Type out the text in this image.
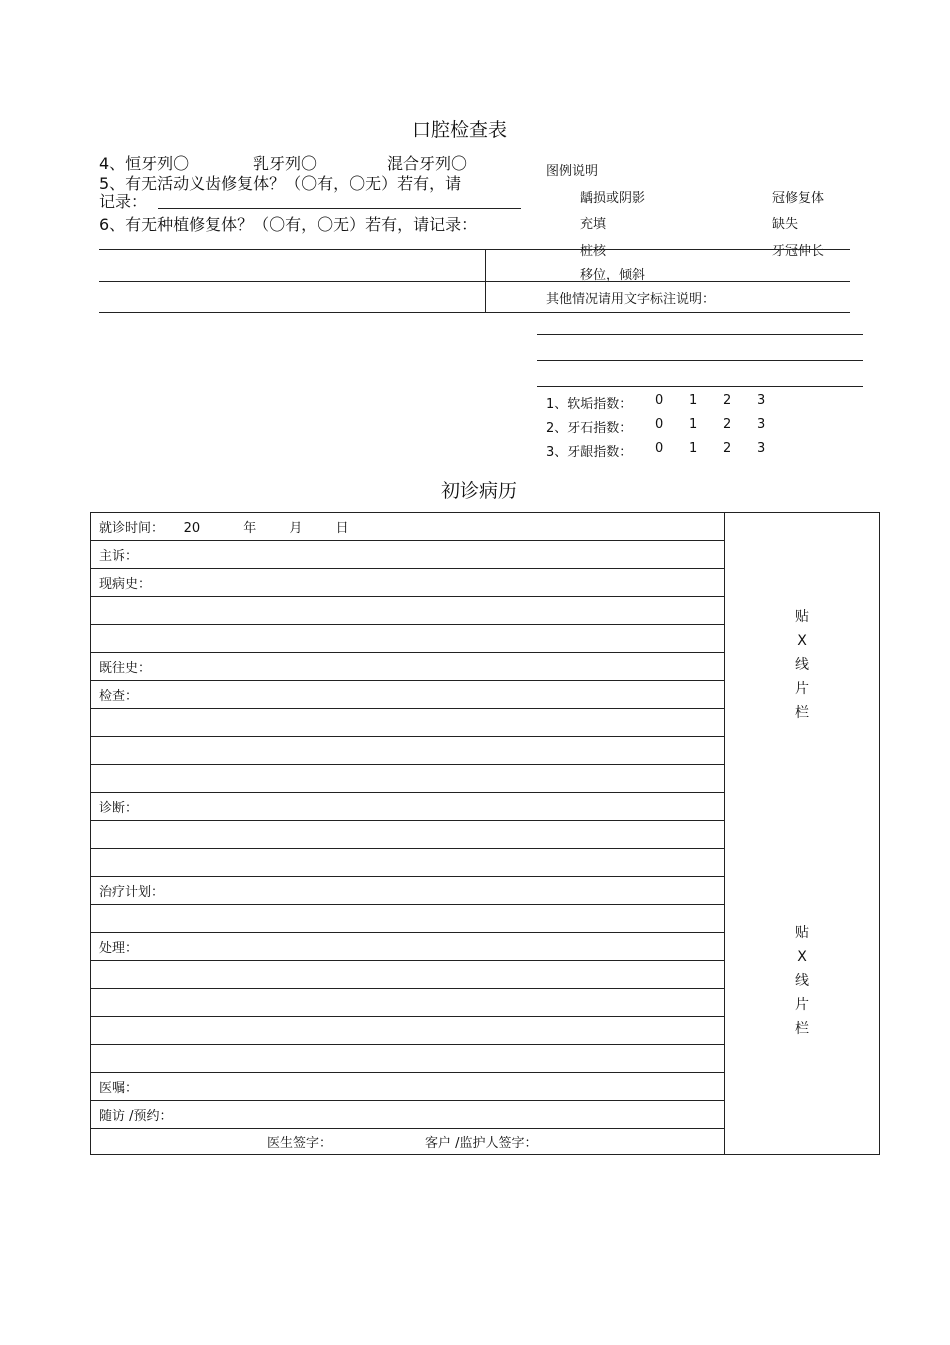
口腔检查表
4、恒牙列〇	乳牙列〇	混合牙列〇
5、有无活动义齿修复体？（〇有，〇无）若有，请
记录：
6、有无种植修复体？（〇有，〇无）若有，请记录：
图例说明
龋损或阴影
充填
桩核
移位，倾斜
冠修复体
缺失
牙冠伸长
其他情况请用文字标注说明：
1、软垢指数： 0 1 2 3
2、牙石指数： 0 1 2 3
3、牙龈指数： 0 1 2 3
初诊病历
就诊时间： 20	年	月	日	
贴
X
线
片
栏
贴
X
线
片
栏

主诉：
现病史：

既往史：
检查：

诊断：

治疗计划：

处理：

医嘱：
随访 /预约：
医生签字：	客户 /监护人签字：
